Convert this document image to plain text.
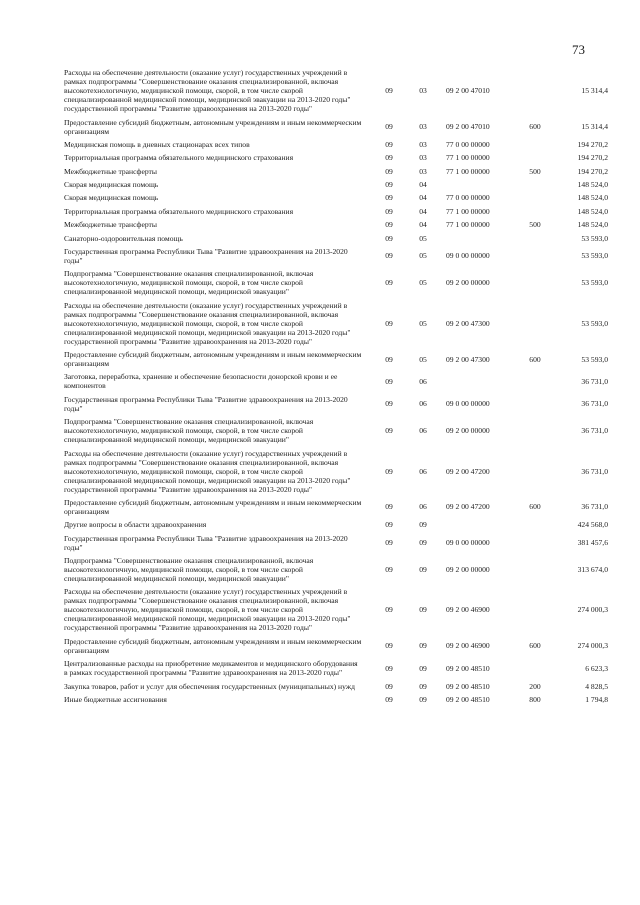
73
Расходы на обеспечение деятельности (оказание услуг) государственных учреждений в рамках подпрограммы "Совершенствование оказания специализированной, включая высокотехнологичную, медицинской помощи, скорой, в том числе скорой специализированной медицинской помощи, медицинской эвакуации на 2013-2020 годы" государственной программы "Развитие здравоохранения на 2013-2020 годы"	09	03	09 2 00 47010		15 314,4
Предоставление субсидий бюджетным, автономным учреждениям и иным некоммерческим организациям	09	03	09 2 00 47010	600	15 314,4
Медицинская помощь в дневных стационарах всех типов	09	03	77 0 00 00000		194 270,2
Территориальная программа обязательного медицинского страхования	09	03	77 1 00 00000		194 270,2
Межбюджетные трансферты	09	03	77 1 00 00000	500	194 270,2
Скорая медицинская помощь	09	04			148 524,0
Скорая медицинская помощь	09	04	77 0 00 00000		148 524,0
Территориальная программа обязательного медицинского страхования	09	04	77 1 00 00000		148 524,0
Межбюджетные трансферты	09	04	77 1 00 00000	500	148 524,0
Санаторно-оздоровительная помощь	09	05			53 593,0
Государственная программа Республики Тыва "Развитие здравоохранения на 2013-2020 годы"	09	05	09 0 00 00000		53 593,0
Подпрограмма "Совершенствование оказания специализированной, включая высокотехнологичную, медицинской помощи, скорой, в том числе скорой специализированной медицинской помощи, медицинской эвакуации"	09	05	09 2 00 00000		53 593,0
Расходы на обеспечение деятельности (оказание услуг) государственных учреждений в рамках подпрограммы "Совершенствование оказания специализированной, включая высокотехнологичную, медицинской помощи, скорой, в том числе скорой специализированной медицинской помощи, медицинской эвакуации на 2013-2020 годы" государственной программы "Развитие здравоохранения на 2013-2020 годы"	09	05	09 2 00 47300		53 593,0
Предоставление субсидий бюджетным, автономным учреждениям и иным некоммерческим организациям	09	05	09 2 00 47300	600	53 593,0
Заготовка, переработка, хранение и обеспечение безопасности донорской крови и ее компонентов	09	06			36 731,0
Государственная программа Республики Тыва "Развитие здравоохранения на 2013-2020 годы"	09	06	09 0 00 00000		36 731,0
Подпрограмма "Совершенствование оказания специализированной, включая высокотехнологичную, медицинской помощи, скорой, в том числе скорой специализированной медицинской помощи, медицинской эвакуации"	09	06	09 2 00 00000		36 731,0
Расходы на обеспечение деятельности (оказание услуг) государственных учреждений в рамках подпрограммы "Совершенствование оказания специализированной, включая высокотехнологичную, медицинской помощи, скорой, в том числе скорой специализированной медицинской помощи, медицинской эвакуации на 2013-2020 годы" государственной программы "Развитие здравоохранения на 2013-2020 годы"	09	06	09 2 00 47200		36 731,0
Предоставление субсидий бюджетным, автономным учреждениям и иным некоммерческим организациям	09	06	09 2 00 47200	600	36 731,0
Другие вопросы в области здравоохранения	09	09			424 568,0
Государственная программа Республики Тыва "Развитие здравоохранения на 2013-2020 годы"	09	09	09 0 00 00000		381 457,6
Подпрограмма "Совершенствование оказания специализированной, включая высокотехнологичную, медицинской помощи, скорой, в том числе скорой специализированной медицинской помощи, медицинской эвакуации"	09	09	09 2 00 00000		313 674,0
Расходы на обеспечение деятельности (оказание услуг) государственных учреждений в рамках подпрограммы "Совершенствование оказания специализированной, включая высокотехнологичную, медицинской помощи, скорой, в том числе скорой специализированной медицинской помощи, медицинской эвакуации на 2013-2020 годы" государственной программы "Развитие здравоохранения на 2013-2020 годы"	09	09	09 2 00 46900		274 000,3
Предоставление субсидий бюджетным, автономным учреждениям и иным некоммерческим организациям	09	09	09 2 00 46900	600	274 000,3
Централизованные расходы на приобретение медикаментов и медицинского оборудования в рамках государственной программы "Развитие здравоохранения на 2013-2020 годы"	09	09	09 2 00 48510		6 623,3
Закупка товаров, работ и услуг для обеспечения государственных (муниципальных) нужд	09	09	09 2 00 48510	200	4 828,5
Иные бюджетные ассигнования	09	09	09 2 00 48510	800	1 794,8
